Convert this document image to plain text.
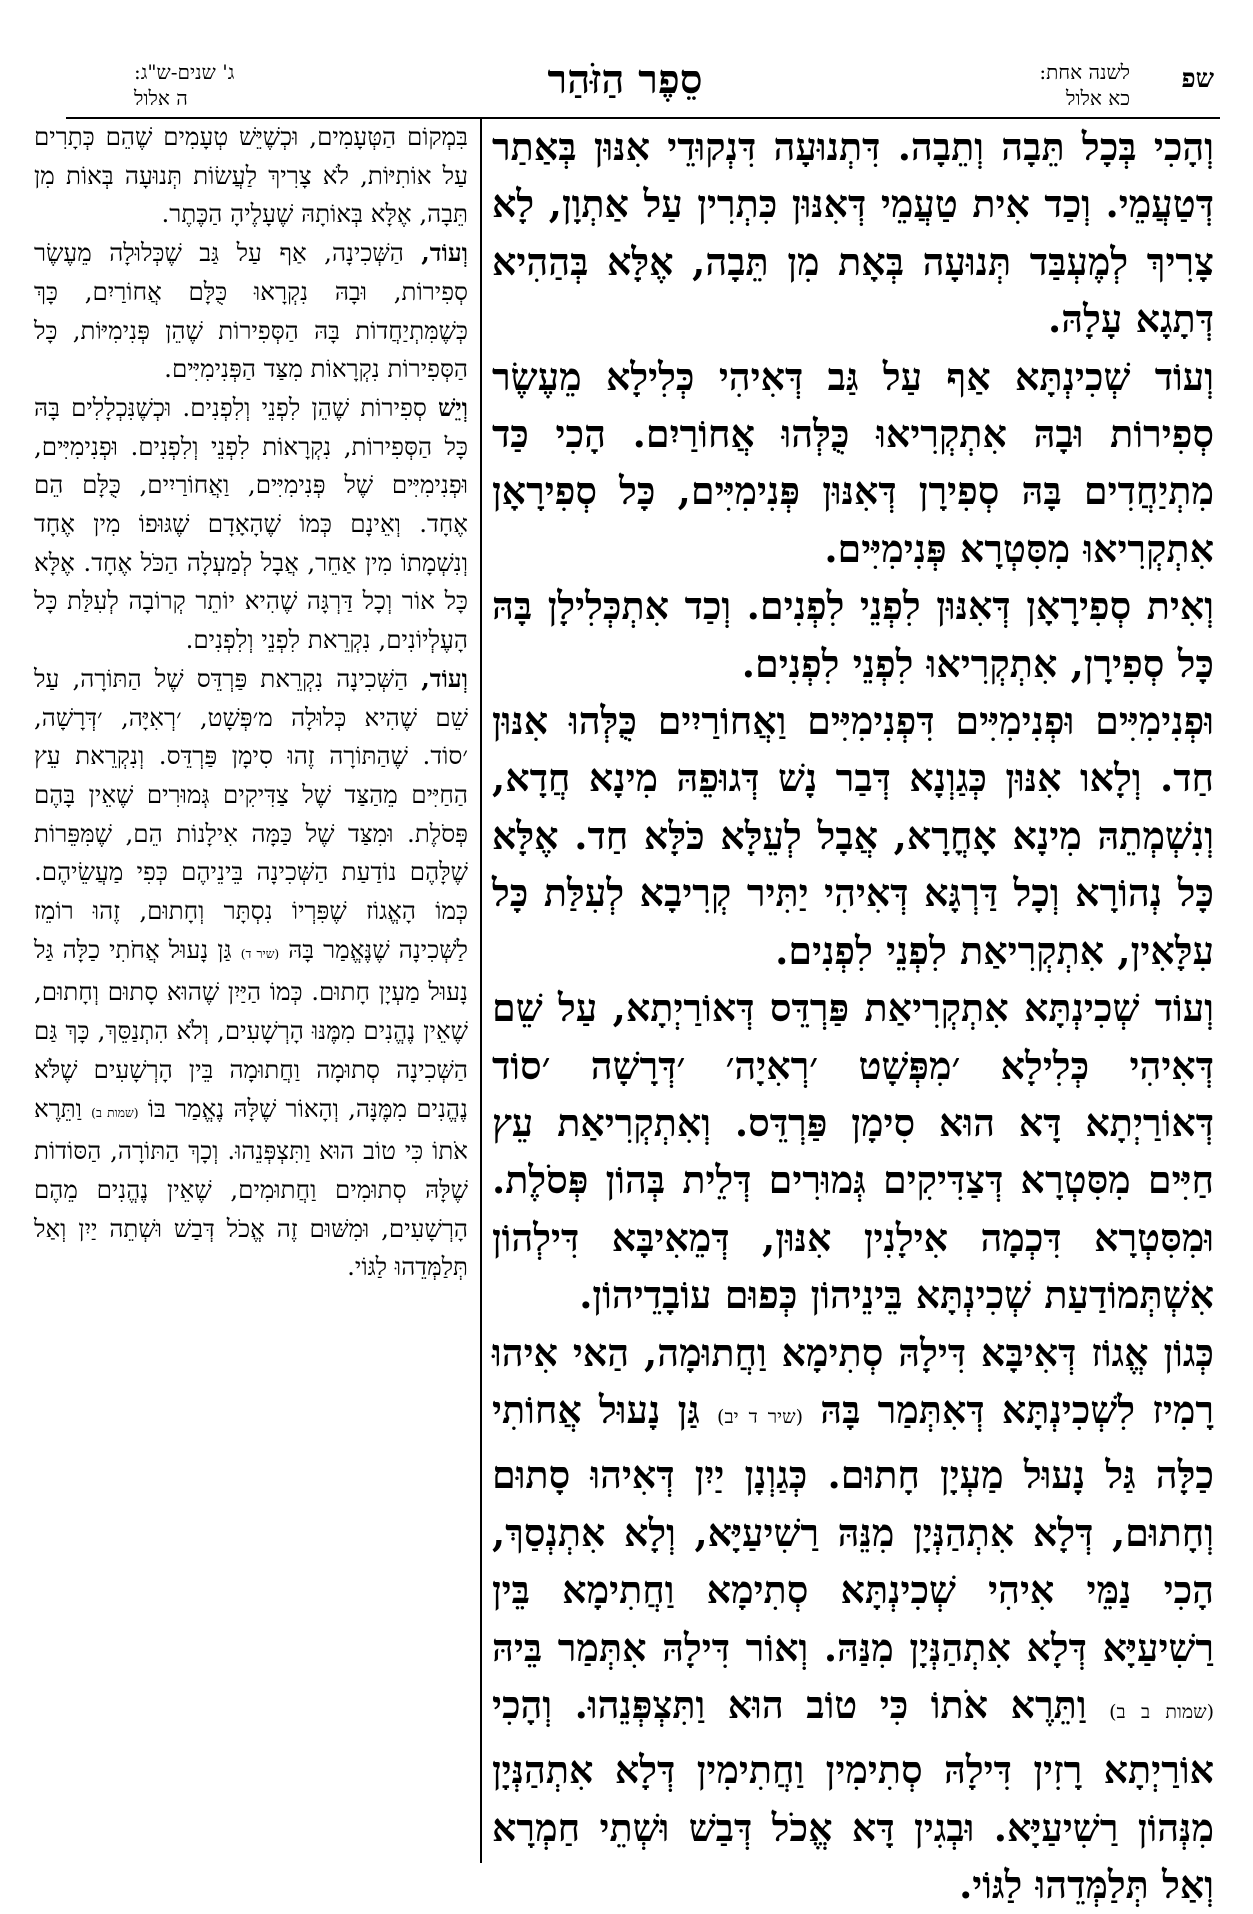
שפ
לשנה אחת:
כא אלול
סֵפֶר הַזֹּהַר
ג' שנים-ש"ג:
ה אלול

וְהָכִי בְּכָל תֵּבָה וְתֵבָה. דִּתְנוּעָה דִּנְקוּדֵי אִנּוּן בְּאַתַר דְּטַעֲמֵי. וְכַד אִית טַעֲמֵי דְּאִנּוּן כִּתְרִין עַל אַתְוָן, לָא צָרִיךְ לְמֶעְבַּד תְּנוּעָה בְּאָת מִן תֵּבָה, אֶלָּא בְּהַהִיא דְּתָגָא עָלָהּ.

וְעוֹד שְׁכִינְתָּא אַף עַל גַּב דְּאִיהִי כְּלִילָא מֵעֶשֶׂר סְפִירוֹת וּבָהּ אִתְקְרִיאוּ כֻּלְּהוּ אֲחוֹרַיִם. הָכִי כַּד מִתְיַחֲדִים בָּהּ סְפִירָן דְּאִנּוּן פְּנִימִיִּים, כָּל סְפִירָאָן אִתְקְרִיאוּ מִסִּטְרָא פְּנִימִיִּים.

וְאִית סְפִירָאָן דְּאִנּוּן לִפְנֵי לִפְנִים. וְכַד אִתְכְּלִילָן בָּהּ כָּל סְפִירָן, אִתְקְרִיאוּ לִפְנֵי לִפְנִים.

וּפְנִימִיִּים וּפְנִימִיִּים דִּפְנִימִיִּים וַאֲחוֹרַיִים כֻּלְּהוּ אִנּוּן חַד. וְלָאו אִנּוּן כְּגַוְנָא דְּבַר נָשׁ דְּגוּפֵהּ מִינָא חֲדָא, וְנִשְׁמְתֵהּ מִינָא אָחֳרָא, אֲבָל לְעֵלָּא כֹּלָּא חַד. אֶלָּא כָּל נְהוֹרָא וְכָל דַּרְגָּא דְּאִיהִי יַתִּיר קְרִיבָא לְעִלַּת כָּל עִלָּאִין, אִתְקְרִיאַת לִפְנֵי לִפְנִים.

וְעוֹד שְׁכִינְתָּא אִתְקְרִיאַת פַּרְדֵּס דְּאוֹרַיְתָא, עַל שֵׁם דְּאִיהִי כְּלִילָא ׳מִפְּשָׁט ׳רְאִיָה׳ ׳דְּרָשָׁה ׳סוֹד דְּאוֹרַיְתָא דָּא הוּא סִימָן פַּרְדֵּס. וְאִתְקְרִיאַת עֵץ חַיִּים מִסִּטְרָא דְּצַדִּיקִים גְּמוּרִים דְּלֵית בְּהוֹן פְּסֹלֶת. וּמִסִּטְרָא דִּכְמָה אִילָנִין אִנּוּן, דְּמֵאִיבָּא דִּילְהוֹן אִשְׁתְּמוֹדַעַת שְׁכִינְתָּא בֵּינֵיהוֹן כְּפוּם עוֹבָדֵיהוֹן.

כְּגוֹן אֱגוֹז דְּאִיבָּא דִּילָהּ סְתִימָא וַחֲתוּמָה, הַאי אִיהוּ רָמִיז לִשְׁכִינְתָּא דְּאִתְּמַר בָּהּ (שיר ד יב) גַּן נָעוּל אֲחוֹתִי כַלָּה גַּל נָעוּל מַעְיָן חָתוּם. כְּגַוְנָן יַיִן דְּאִיהוּ סָתוּם וְחָתוּם, דְּלָא אִתְהַנְּיָן מִנֵּהּ רַשִׁיעַיָּא, וְלָא אִתְנְסַךְ, הָכִי נַמֵּי אִיהִי שְׁכִינְתָּא סְתִימָא וַחֲתִימָא בֵּין רַשִׁיעַיָּא דְּלָא אִתְהַנְּיָן מִנַּהּ. וְאוֹר דִּילָהּ אִתְּמַר בֵּיהּ (שמות ב ב) וַתֵּרֶא אֹתוֹ כִּי טוֹב הוּא וַתִּצְפְּנֵהוּ. וְהָכִי אוֹרַיְתָא רָזִין דִּילָהּ סְתִימִין וַחֲתִימִין דְּלָא אִתְהַנְּיָן מִנְּהוֹן רַשִׁיעַיָּא. וּבְגִין דָּא אֱכֹל דְּבַשׁ וּשְׁתֵי חַמְרָא וְאַל תְּלַמְּדֵהוּ לַגּוֹי.

בִּמְקוֹם הַטְּעָמִים, וּכְשֶׁיֵּשׁ טְעָמִים שֶׁהֵם כְּתָרִים עַל אוֹתִיּוֹת, לֹא צָרִיךְ לַעֲשׂוֹת תְּנוּעָה בְּאוֹת מִן תֵּבָה, אֶלָּא בְּאוֹתָהּ שֶׁעָלֶיהָ הַכֶּתֶר.

וְעוֹד, הַשְּׁכִינָה, אַף עַל גַּב שֶׁכְּלוּלָה מֵעֶשֶׂר סְפִירוֹת, וּבָהּ נִקְרָאוּ כֻּלָּם אֲחוֹרַיִם, כָּךְ כְּשֶׁמִּתְיַחֲדוֹת בָּהּ הַסְּפִירוֹת שֶׁהֵן פְּנִימִיּוֹת, כָּל הַסְּפִירוֹת נִקְרָאוֹת מִצַּד הַפְּנִימִיִּים.

וְיֵשׁ סְפִירוֹת שֶׁהֵן לִפְנֵי וְלִפְנִים. וּכְשֶׁנִּכְלָלִים בָּהּ כָּל הַסְּפִירוֹת, נִקְרָאוֹת לִפְנֵי וְלִפְנִים. וּפְנִימִיִּים, וּפְנִימִיִּים שֶׁל פְּנִימִיִּים, וַאֲחוֹרַיִים, כֻּלָּם הֵם אֶחָד. וְאֵינָם כְּמוֹ שֶׁהָאָדָם שֶׁגּוּפוֹ מִין אֶחָד וְנִשְׁמָתוֹ מִין אַחֵר, אֲבָל לְמַעְלָה הַכֹּל אֶחָד. אֶלָּא כָּל אוֹר וְכָל דַּרְגָּה שֶׁהִיא יוֹתֵר קְרוֹבָה לְעִלַּת כָּל הָעֶלְיוֹנִים, נִקְרֵאת לִפְנֵי וְלִפְנִים.

וְעוֹד, הַשְּׁכִינָה נִקְרֵאת פַּרְדֵּס שֶׁל הַתּוֹרָה, עַל שֵׁם שֶׁהִיא כְּלוּלָה מ׳פְּשָׁט, ׳רְאִיָּה, ׳דְּרָשָׁה, ׳סוֹד. שֶׁהַתּוֹרָה זֶהוּ סִימָן פַּרְדֵּס. וְנִקְרֵאת עֵץ הַחַיִּים מֵהַצַּד שֶׁל צַדִּיקִים גְּמוּרִים שֶׁאֵין בָּהֶם פְּסֹלֶת. וּמִצַּד שֶׁל כַּמָּה אִילָנוֹת הֵם, שֶׁמִּפֵּרוֹת שֶׁלָּהֶם נוֹדַעַת הַשְּׁכִינָה בֵּינֵיהֶם כְּפִי מַעֲשֵׂיהֶם. כְּמוֹ הָאֱגוֹז שֶׁפִּרְיוֹ נִסְתָּר וְחָתוּם, זֶהוּ רוֹמֵז לַשְּׁכִינָה שֶׁנֶּאֱמַר בָּהּ (שיר ד) גַּן נָעוּל אֲחֹתִי כַלָּה גַּל נָעוּל מַעְיָן חָתוּם. כְּמוֹ הַיַּיִן שֶׁהוּא סָתוּם וְחָתוּם, שֶׁאֵין נֶהֱנִים מִמֶּנּוּ הָרְשָׁעִים, וְלֹא הִתְנַסֵּךְ, כָּךְ גַּם הַשְּׁכִינָה סְתוּמָה וַחֲתוּמָה בֵּין הָרְשָׁעִים שֶׁלֹּא נֶהֱנִים מִמֶּנָּה, וְהָאוֹר שֶׁלָּהּ נֶאֱמַר בּוֹ (שמות ב) וַתֵּרֶא אֹתוֹ כִּי טוֹב הוּא וַתִּצְפְּנֵהוּ. וְכָךְ הַתּוֹרָה, הַסּוֹדוֹת שֶׁלָּהּ סְתוּמִים וַחֲתוּמִים, שֶׁאֵין נֶהֱנִים מֵהֶם הָרְשָׁעִים, וּמִשּׁוּם זֶה אֱכֹל דְּבַשׁ וּשְׁתֵה יַיִן וְאַל תְּלַמְּדֵהוּ לַגּוֹי.
